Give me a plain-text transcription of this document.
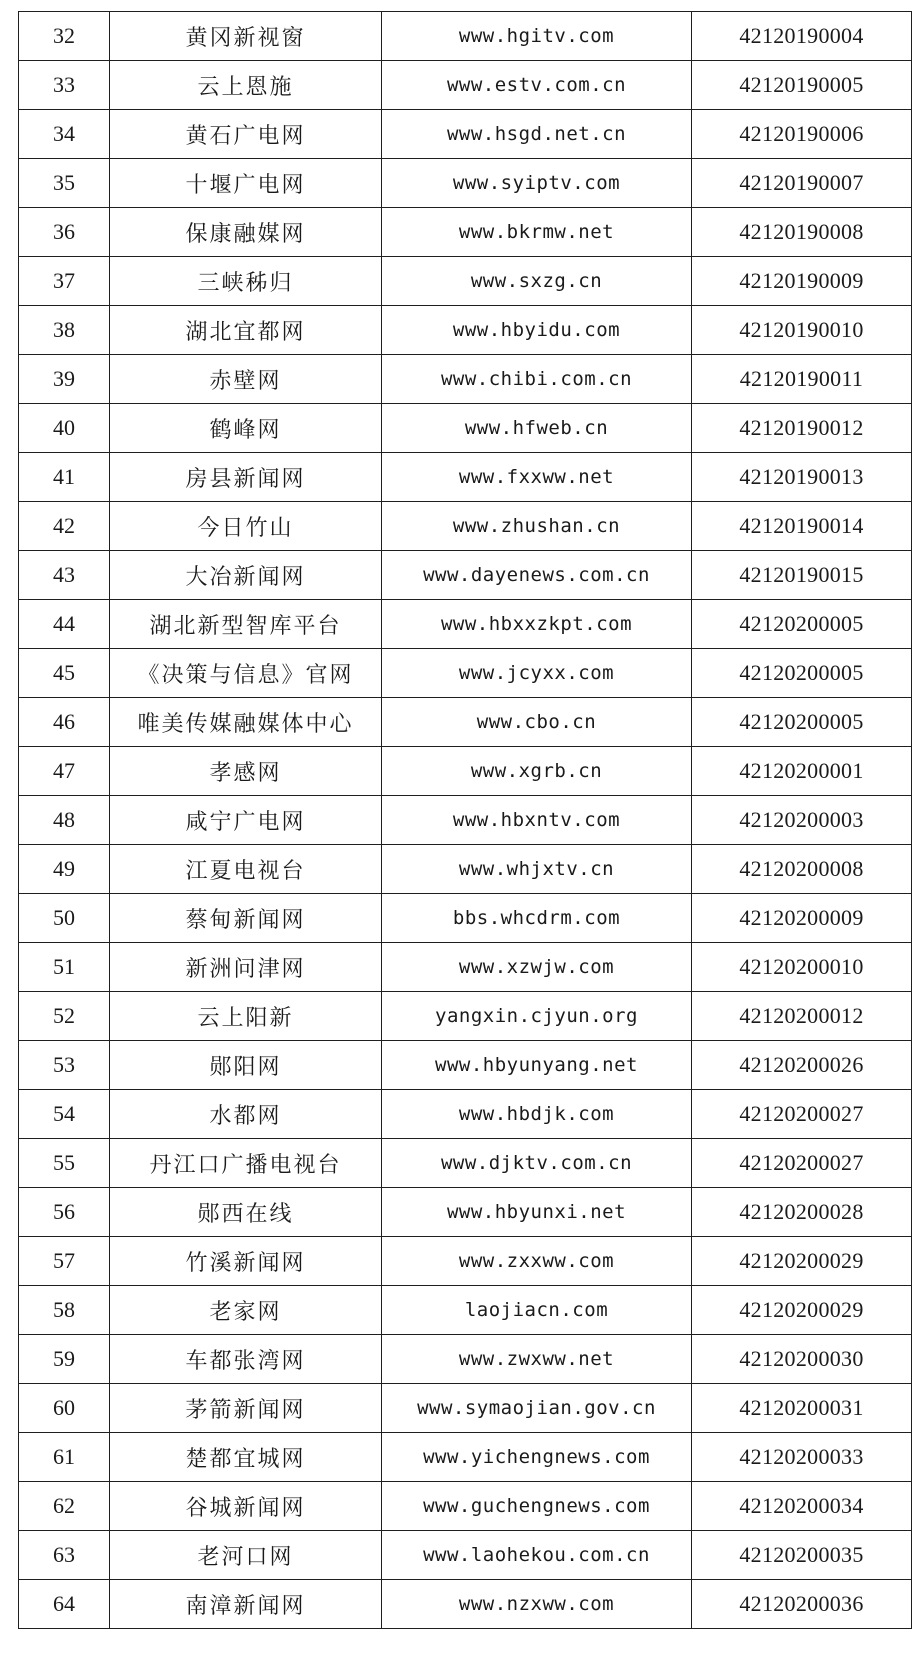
32	黄冈新视窗	www.hgitv.com	42120190004
33	云上恩施	www.estv.com.cn	42120190005
34	黄石广电网	www.hsgd.net.cn	42120190006
35	十堰广电网	www.syiptv.com	42120190007
36	保康融媒网	www.bkrmw.net	42120190008
37	三峡秭归	www.sxzg.cn	42120190009
38	湖北宜都网	www.hbyidu.com	42120190010
39	赤壁网	www.chibi.com.cn	42120190011
40	鹤峰网	www.hfweb.cn	42120190012
41	房县新闻网	www.fxxww.net	42120190013
42	今日竹山	www.zhushan.cn	42120190014
43	大冶新闻网	www.dayenews.com.cn	42120190015
44	湖北新型智库平台	www.hbxxzkpt.com	42120200005
45	《决策与信息》官网	www.jcyxx.com	42120200005
46	唯美传媒融媒体中心	www.cbo.cn	42120200005
47	孝感网	www.xgrb.cn	42120200001
48	咸宁广电网	www.hbxntv.com	42120200003
49	江夏电视台	www.whjxtv.cn	42120200008
50	蔡甸新闻网	bbs.whcdrm.com	42120200009
51	新洲问津网	www.xzwjw.com	42120200010
52	云上阳新	yangxin.cjyun.org	42120200012
53	郧阳网	www.hbyunyang.net	42120200026
54	水都网	www.hbdjk.com	42120200027
55	丹江口广播电视台	www.djktv.com.cn	42120200027
56	郧西在线	www.hbyunxi.net	42120200028
57	竹溪新闻网	www.zxxww.com	42120200029
58	老家网	laojiacn.com	42120200029
59	车都张湾网	www.zwxww.net	42120200030
60	茅箭新闻网	www.symaojian.gov.cn	42120200031
61	楚都宜城网	www.yichengnews.com	42120200033
62	谷城新闻网	www.guchengnews.com	42120200034
63	老河口网	www.laohekou.com.cn	42120200035
64	南漳新闻网	www.nzxww.com	42120200036
